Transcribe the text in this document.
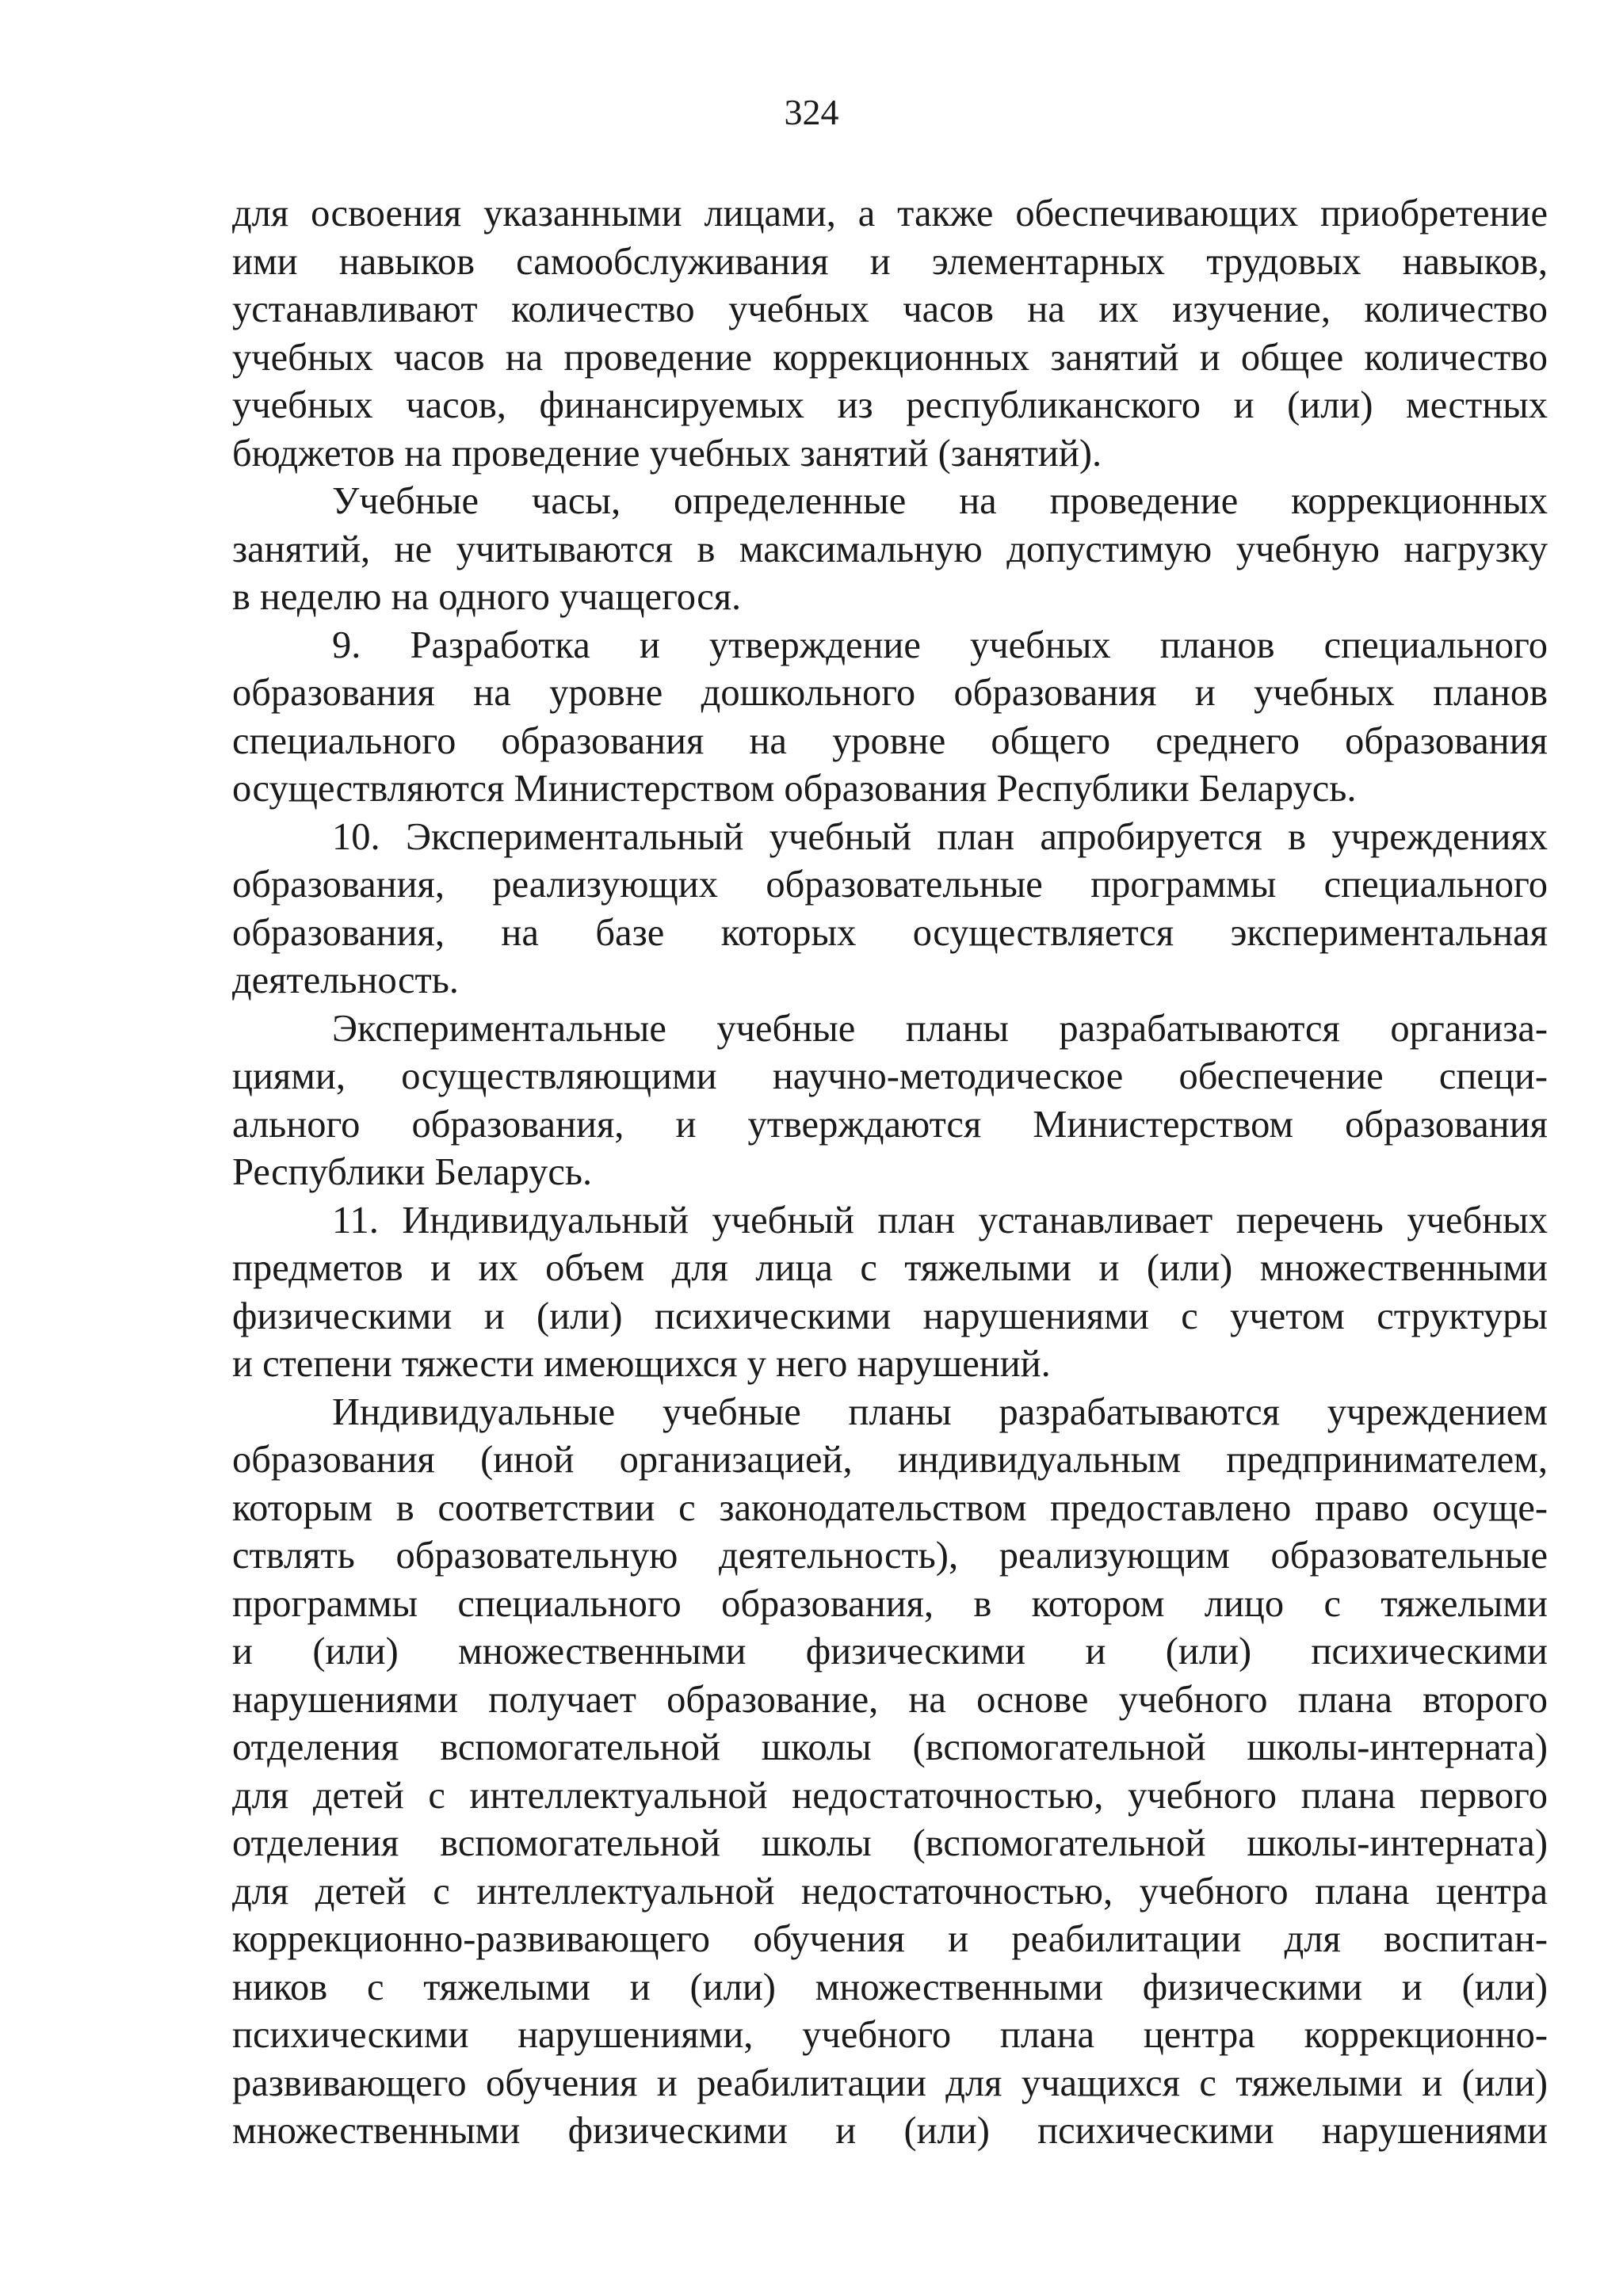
324
для освоения указанными лицами, а также обеспечивающих приобретение
ими навыков самообслуживания и элементарных трудовых навыков,
устанавливают количество учебных часов на их изучение, количество
учебных часов на проведение коррекционных занятий и общее количество
учебных часов, финансируемых из республиканского и (или) местных
бюджетов на проведение учебных занятий (занятий).
Учебные часы, определенные на проведение коррекционных
занятий, не учитываются в максимальную допустимую учебную нагрузку
в неделю на одного учащегося.
9. Разработка и утверждение учебных планов специального
образования на уровне дошкольного образования и учебных планов
специального образования на уровне общего среднего образования
осуществляются Министерством образования Республики Беларусь.
10. Экспериментальный учебный план апробируется в учреждениях
образования, реализующих образовательные программы специального
образования, на базе которых осуществляется экспериментальная
деятельность.
Экспериментальные учебные планы разрабатываются организа-
циями, осуществляющими научно-методическое обеспечение специ-
ального образования, и утверждаются Министерством образования
Республики Беларусь.
11. Индивидуальный учебный план устанавливает перечень учебных
предметов и их объем для лица с тяжелыми и (или) множественными
физическими и (или) психическими нарушениями с учетом структуры
и степени тяжести имеющихся у него нарушений.
Индивидуальные учебные планы разрабатываются учреждением
образования (иной организацией, индивидуальным предпринимателем,
которым в соответствии с законодательством предоставлено право осуще-
ствлять образовательную деятельность), реализующим образовательные
программы специального образования, в котором лицо с тяжелыми
и (или) множественными физическими и (или) психическими
нарушениями получает образование, на основе учебного плана второго
отделения вспомогательной школы (вспомогательной школы-интерната)
для детей с интеллектуальной недостаточностью, учебного плана первого
отделения вспомогательной школы (вспомогательной школы-интерната)
для детей с интеллектуальной недостаточностью, учебного плана центра
коррекционно-развивающего обучения и реабилитации для воспитан-
ников с тяжелыми и (или) множественными физическими и (или)
психическими нарушениями, учебного плана центра коррекционно-
развивающего обучения и реабилитации для учащихся с тяжелыми и (или)
множественными физическими и (или) психическими нарушениями
